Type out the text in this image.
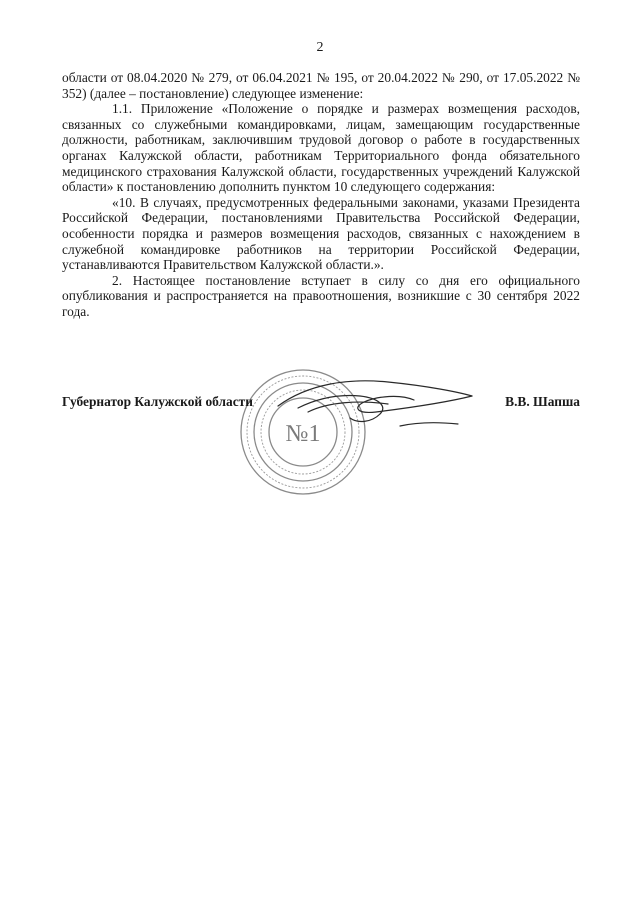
2

области от 08.04.2020 № 279, от 06.04.2021 № 195, от 20.04.2022 № 290, от 17.05.2022 № 352) (далее – постановление) следующее изменение:

1.1. Приложение «Положение о порядке и размерах возмещения расходов, связанных со служебными командировками, лицам, замещающим государственные должности, работникам, заключившим трудовой договор о работе в государственных органах Калужской области, работникам Территориального фонда обязательного медицинского страхования Калужской области, государственных учреждений Калужской области» к постановлению дополнить пунктом 10 следующего содержания:

«10. В случаях, предусмотренных федеральными законами, указами Президента Российской Федерации, постановлениями Правительства Российской Федерации, особенности порядка и размеров возмещения расходов, связанных с нахождением в служебной командировке работников на территории Российской Федерации, устанавливаются Правительством Калужской области.».

2. Настоящее постановление вступает в силу со дня его официального опубликования и распространяется на правоотношения, возникшие с 30 сентября 2022 года.

№1
Губернатор Калужской области	В.В. Шапша
